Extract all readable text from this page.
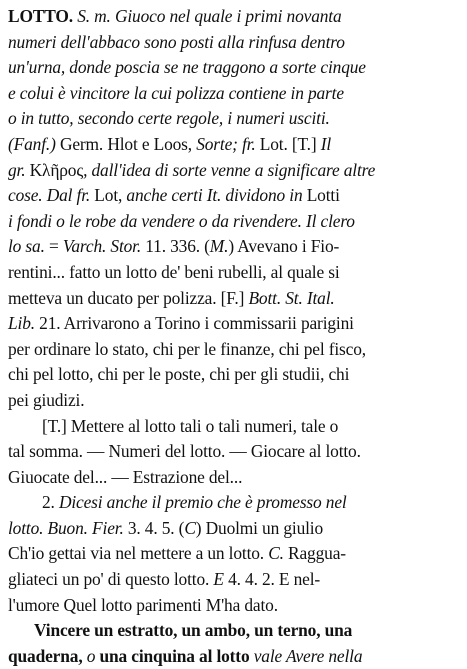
LOTTO. S. m. Giuoco nel quale i primi novanta
numeri dell'abbaco sono posti alla rinfusa dentro
un'urna, donde poscia se ne traggono a sorte cinque
e colui è vincitore la cui polizza contiene in parte
o in tutto, secondo certe regole, i numeri usciti.
(Fanf.) Germ. Hlot e Loos, Sorte; fr. Lot. [T.] Il
gr. Κλῆρος, dall'idea di sorte venne a significare altre
cose. Dal fr. Lot, anche certi It. dividono in Lotti
i fondi o le robe da vendere o da rivendere. Il clero
lo sa. = Varch. Stor. 11. 336. (M.) Avevano i Fio-
rentini... fatto un lotto de' beni rubelli, al quale si
metteva un ducato per polizza. [F.] Bott. St. Ital.
Lib. 21. Arrivarono a Torino i commissarii parigini
per ordinare lo stato, chi per le finanze, chi pel fisco,
chi pel lotto, chi per le poste, chi per gli studii, chi
pei giudizi.
[T.] Mettere al lotto tali o tali numeri, tale o
tal somma. — Numeri del lotto. — Giocare al lotto.
Giuocate del... — Estrazione del...
2. Dicesi anche il premio che è promesso nel
lotto. Buon. Fier. 3. 4. 5. (C) Duolmi un giulio
Ch'io gettai via nel mettere a un lotto. C. Raggua-
gliateci un po' di questo lotto. E 4. 4. 2. E nel-
l'umore Quel lotto parimenti M'ha dato.
Vincere un estratto, un ambo, un terno, una
quaderna, o una cinquina al lotto vale Avere nella
